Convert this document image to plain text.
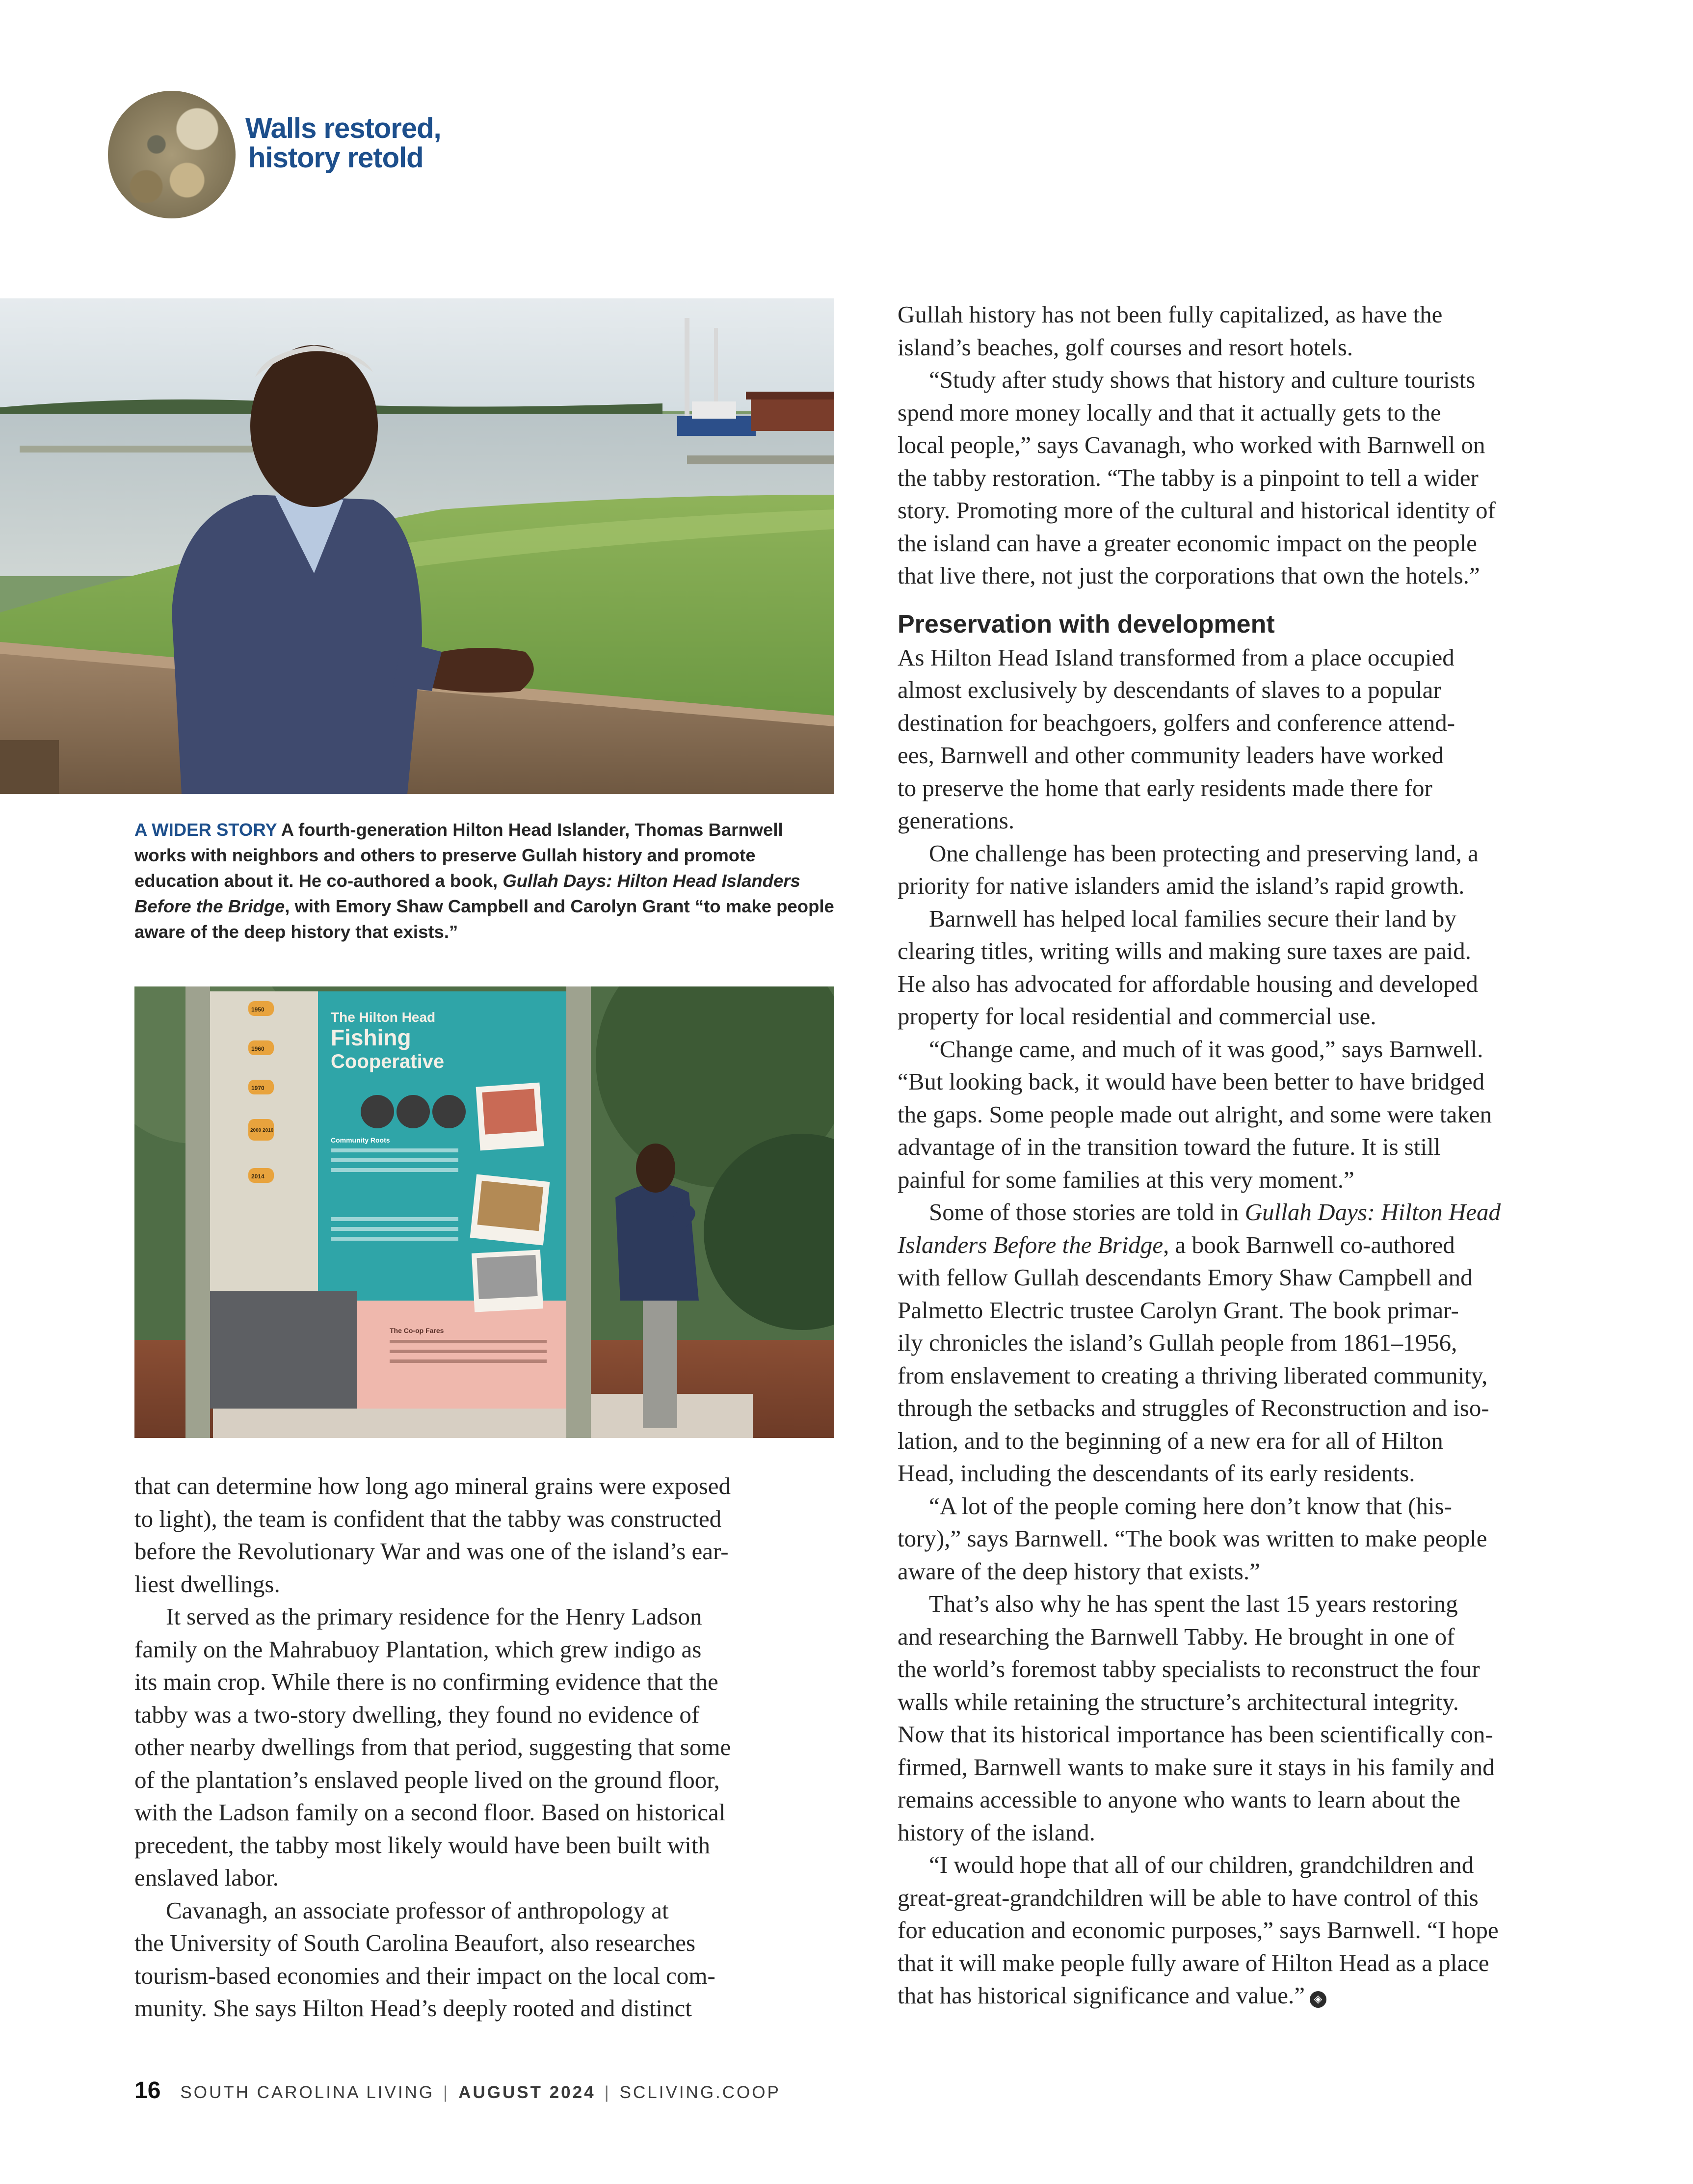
Walls restored,
history retold
A WIDER STORY A fourth-generation Hilton Head Islander, Thomas Barnwell works with neighbors and others to preserve Gullah history and promote education about it. He co-authored a book, Gullah Days: Hilton Head Islanders Before the Bridge, with Emory Shaw Campbell and Carolyn Grant “to make people aware of the deep history that exists.”
The Hilton Head
Fishing
Cooperative
Community Roots
The Co-op Fares
1950
1960
1970
2000 2010
2014

that can determine how long ago mineral grains were exposed
to light), the team is confident that the tabby was constructed
before the Revolutionary War and was one of the island’s ear-
liest dwellings.

It served as the primary residence for the Henry Ladson
family on the Mahrabuoy Plantation, which grew indigo as
its main crop. While there is no confirming evidence that the
tabby was a two-story dwelling, they found no evidence of
other nearby dwellings from that period, suggesting that some
of the plantation’s enslaved people lived on the ground floor,
with the Ladson family on a second floor. Based on historical
precedent, the tabby most likely would have been built with
enslaved labor.

Cavanagh, an associate professor of anthropology at
the University of South Carolina Beaufort, also researches
tourism-based economies and their impact on the local com-
munity. She says Hilton Head’s deeply rooted and distinct

Gullah history has not been fully capitalized, as have the
island’s beaches, golf courses and resort hotels.

“Study after study shows that history and culture tourists
spend more money locally and that it actually gets to the
local people,” says Cavanagh, who worked with Barnwell on
the tabby restoration. “The tabby is a pinpoint to tell a wider
story. Promoting more of the cultural and historical identity of
the island can have a greater economic impact on the people
that live there, not just the corporations that own the hotels.”

Preservation with development

As Hilton Head Island transformed from a place occupied
almost exclusively by descendants of slaves to a popular
destination for beachgoers, golfers and conference attend-
ees, Barnwell and other community leaders have worked
to preserve the home that early residents made there for
generations.

One challenge has been protecting and preserving land, a
priority for native islanders amid the island’s rapid growth.

Barnwell has helped local families secure their land by
clearing titles, writing wills and making sure taxes are paid.
He also has advocated for affordable housing and developed
property for local residential and commercial use.

“Change came, and much of it was good,” says Barnwell.
“But looking back, it would have been better to have bridged
the gaps. Some people made out alright, and some were taken
advantage of in the transition toward the future. It is still
painful for some families at this very moment.”

Some of those stories are told in Gullah Days: Hilton Head
Islanders Before the Bridge, a book Barnwell co-authored
with fellow Gullah descendants Emory Shaw Campbell and
Palmetto Electric trustee Carolyn Grant. The book primar-
ily chronicles the island’s Gullah people from 1861–1956,
from enslavement to creating a thriving liberated community,
through the setbacks and struggles of Reconstruction and iso-
lation, and to the beginning of a new era for all of Hilton
Head, including the descendants of its early residents.

“A lot of the people coming here don’t know that (his-
tory),” says Barnwell. “The book was written to make people
aware of the deep history that exists.”

That’s also why he has spent the last 15 years restoring
and researching the Barnwell Tabby. He brought in one of
the world’s foremost tabby specialists to reconstruct the four
walls while retaining the structure’s architectural integrity.
Now that its historical importance has been scientifically con-
firmed, Barnwell wants to make sure it stays in his family and
remains accessible to anyone who wants to learn about the
history of the island.

“I would hope that all of our children, grandchildren and
great-great-grandchildren will be able to have control of this
for education and economic purposes,” says Barnwell. “I hope
that it will make people fully aware of Hilton Head as a place
that has historical significance and value.” ◈

16 SOUTH CAROLINA LIVING | AUGUST 2024 | SCLIVING.COOP
